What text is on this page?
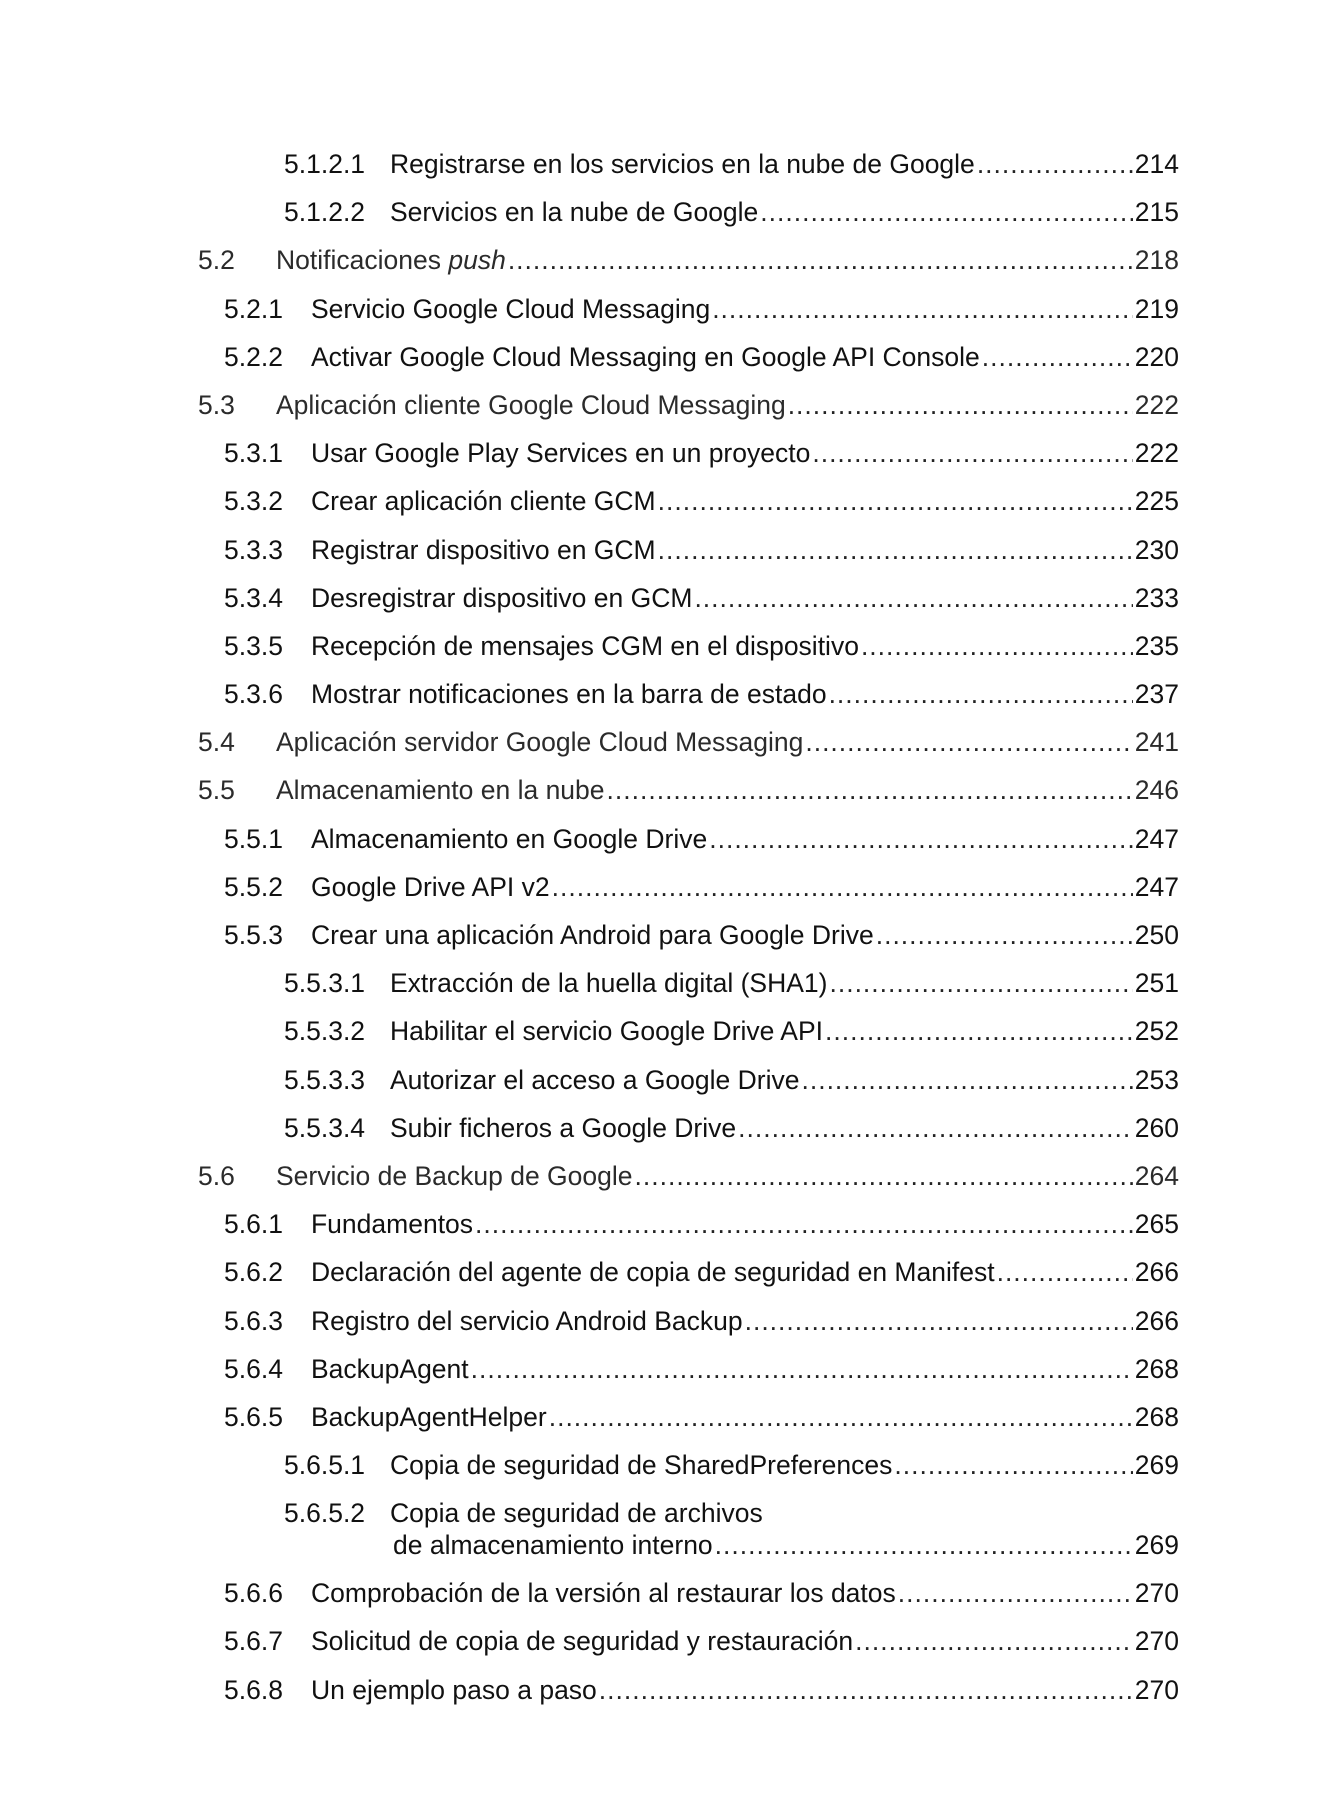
5.1.2.1 Registrarse en los servicios en la nube de Google .....	214
5.1.2.2 Servicios en la nube de Google .....	215
5.2 Notificaciones push .....	218
5.2.1 Servicio Google Cloud Messaging .....	219
5.2.2 Activar Google Cloud Messaging en Google API Console .....	220
5.3 Aplicación cliente Google Cloud Messaging .....	222
5.3.1 Usar Google Play Services en un proyecto .....	222
5.3.2 Crear aplicación cliente GCM .....	225
5.3.3 Registrar dispositivo en GCM .....	230
5.3.4 Desregistrar dispositivo en GCM .....	233
5.3.5 Recepción de mensajes CGM en el dispositivo .....	235
5.3.6 Mostrar notificaciones en la barra de estado .....	237
5.4 Aplicación servidor Google Cloud Messaging .....	241
5.5 Almacenamiento en la nube .....	246
5.5.1 Almacenamiento en Google Drive .....	247
5.5.2 Google Drive API v2 .....	247
5.5.3 Crear una aplicación Android para Google Drive .....	250
5.5.3.1 Extracción de la huella digital (SHA1) .....	251
5.5.3.2 Habilitar el servicio Google Drive API .....	252
5.5.3.3 Autorizar el acceso a Google Drive .....	253
5.5.3.4 Subir ficheros a Google Drive .....	260
5.6 Servicio de Backup de Google .....	264
5.6.1 Fundamentos .....	265
5.6.2 Declaración del agente de copia de seguridad en Manifest .....	266
5.6.3 Registro del servicio Android Backup .....	266
5.6.4 BackupAgent .....	268
5.6.5 BackupAgentHelper .....	268
5.6.5.1 Copia de seguridad de SharedPreferences .....	269
5.6.5.2 Copia de seguridad de archivos
de almacenamiento interno .....	269
5.6.6 Comprobación de la versión al restaurar los datos .....	270
5.6.7 Solicitud de copia de seguridad y restauración .....	270
5.6.8 Un ejemplo paso a paso .....	270
